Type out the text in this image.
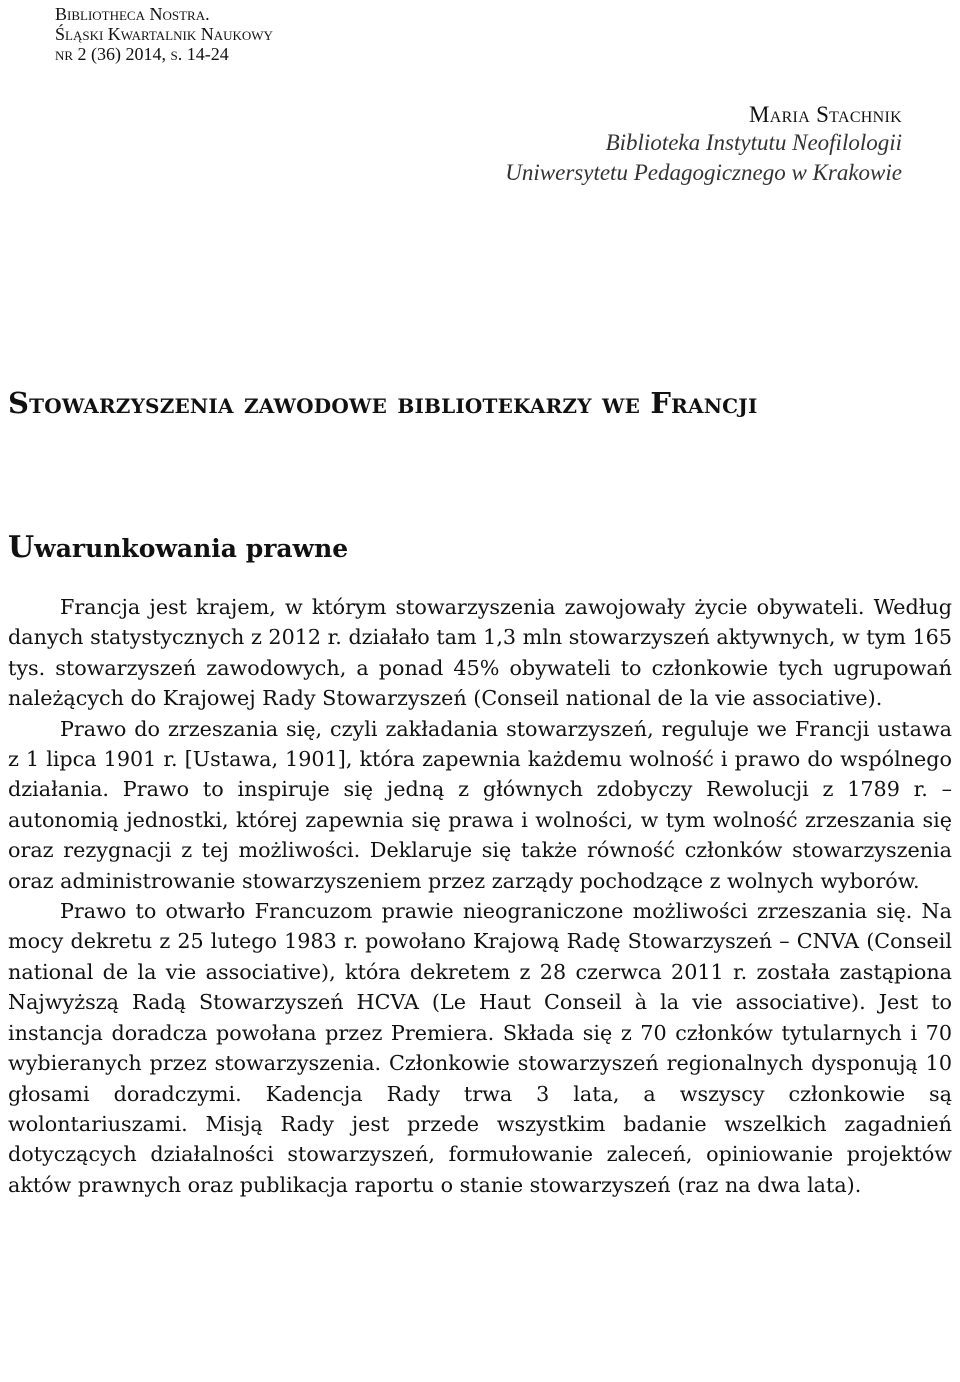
Bibliotheca Nostra.
Śląski Kwartalnik Naukowy
nr 2 (36) 2014, s. 14-24
Maria Stachnik
Biblioteka Instytutu Neofilologii
Uniwersytetu Pedagogicznego w Krakowie
Stowarzyszenia zawodowe bibliotekarzy we Francji
Uwarunkowania prawne

Francja jest krajem, w którym stowarzyszenia zawojowały życie obywateli. Według danych statystycznych z 2012 r. działało tam 1,3 mln stowarzyszeń aktywnych, w tym 165 tys. stowarzyszeń zawodowych, a ponad 45% obywateli to członkowie tych ugrupowań należących do Krajowej Rady Stowarzyszeń (Conseil national de la vie associative).

Prawo do zrzeszania się, czyli zakładania stowarzyszeń, reguluje we Francji ustawa z 1 lipca 1901 r. [Ustawa, 1901], która zapewnia każdemu wolność i prawo do wspólnego działania. Prawo to inspiruje się jedną z głównych zdobyczy Rewolucji z 1789 r. – autonomią jednostki, której zapewnia się prawa i wolności, w tym wolność zrzeszania się oraz rezygnacji z tej możliwości. Deklaruje się także równość członków stowarzyszenia oraz administrowanie stowarzyszeniem przez zarządy pochodzące z wolnych wyborów.

Prawo to otwarło Francuzom prawie nieograniczone możliwości zrzeszania się. Na mocy dekretu z 25 lutego 1983 r. powołano Krajową Radę Stowarzyszeń – CNVA (Conseil national de la vie associative), która dekretem z 28 czerwca 2011 r. została zastąpiona Najwyższą Radą Stowarzyszeń HCVA (Le Haut Conseil à la vie associative). Jest to instancja doradcza powołana przez Premiera. Składa się z 70 członków tytularnych i 70 wybieranych przez stowarzyszenia. Członkowie stowarzyszeń regionalnych dysponują 10 głosami doradczymi. Kadencja Rady trwa 3 lata, a wszyscy członkowie są wolontariuszami. Misją Rady jest przede wszystkim badanie wszelkich zagadnień dotyczących działalności stowarzyszeń, formułowanie zaleceń, opiniowanie projektów aktów prawnych oraz publikacja raportu o stanie stowarzyszeń (raz na dwa lata).
